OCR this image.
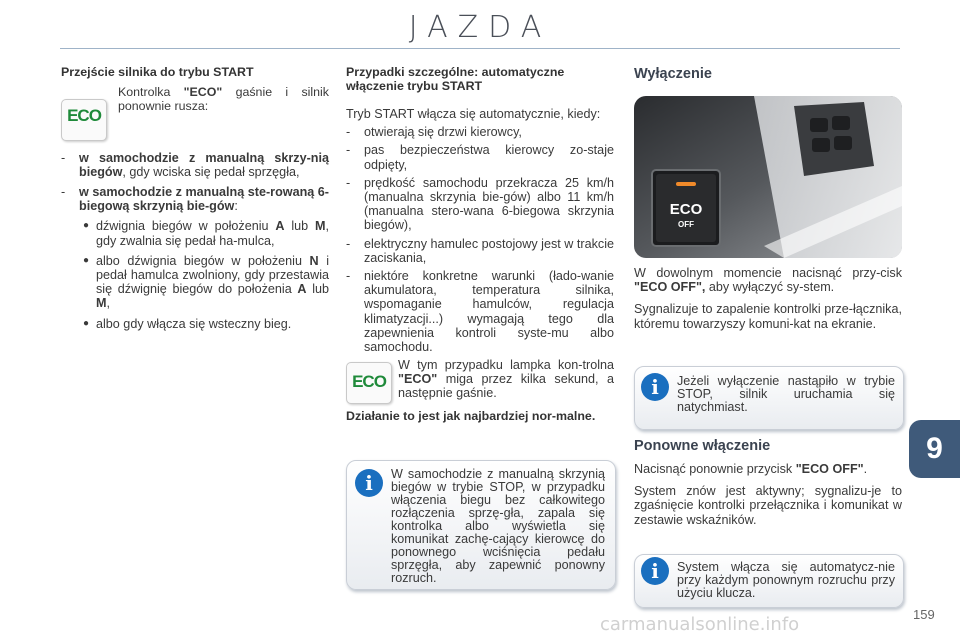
JAZDA
Przejście silnika do trybu START
ECO

Kontrolka "ECO" gaśnie i silnik ponownie rusza:

-	w samochodzie z manualną skrzy-nią biegów, gdy wciska się pedał sprzęgła,
-	w samochodzie z manualną ste-rowaną 6-biegową skrzynią bie-gów:
● dźwignia biegów w położeniu A lub M, gdy zwalnia się pedał ha-mulca,
● albo dźwignia biegów w położeniu N i pedał hamulca zwolniony, gdy przestawia się dźwignię biegów do położenia A lub M,
● albo gdy włącza się wsteczny bieg.
Przypadki szczególne: automatyczne włączenie trybu START

Tryb START włącza się automatycznie, kiedy:

-	otwierają się drzwi kierowcy,
-	pas bezpieczeństwa kierowcy zo-staje odpięty,
-	prędkość samochodu przekracza 25 km/h (manualna skrzynia bie-gów) albo 11 km/h (manualna stero-wana 6-biegowa skrzynia biegów),
-	elektryczny hamulec postojowy jest w trakcie zaciskania,
-	niektóre konkretne warunki (łado-wanie akumulatora, temperatura silnika, wspomaganie hamulców, regulacja klimatyzacji...) wymagają tego dla zapewnienia kontroli syste-mu albo samochodu.
ECO

W tym przypadku lampka kon-trolna "ECO" miga przez kilka sekund, a następnie gaśnie.

Działanie to jest jak najbardziej nor-malne.

i	W samochodzie z manualną skrzynią biegów w trybie STOP, w przypadku włączenia biegu bez całkowitego rozłączenia sprzę-gła, zapala się kontrolka albo wyświetla się komunikat zachę-cający kierowcę do ponownego wciśnięcia pedału sprzęgła, aby zapewnić ponowny rozruch.
Wyłączenie
ECO
OFF

W dowolnym momencie nacisnąć przy-cisk "ECO OFF", aby wyłączyć sy-stem.

Sygnalizuje to zapalenie kontrolki prze-łącznika, któremu towarzyszy komuni-kat na ekranie.

i	Jeżeli wyłączenie nastąpiło w trybie STOP, silnik uruchamia się natychmiast.
Ponowne włączenie

Nacisnąć ponownie przycisk "ECO OFF".

System znów jest aktywny; sygnalizu-je to zgaśnięcie kontrolki przełącznika i komunikat w zestawie wskaźników.

i	System włącza się automatycz-nie przy każdym ponownym rozruchu przy użyciu klucza.
9
159
carmanualsonline.info
